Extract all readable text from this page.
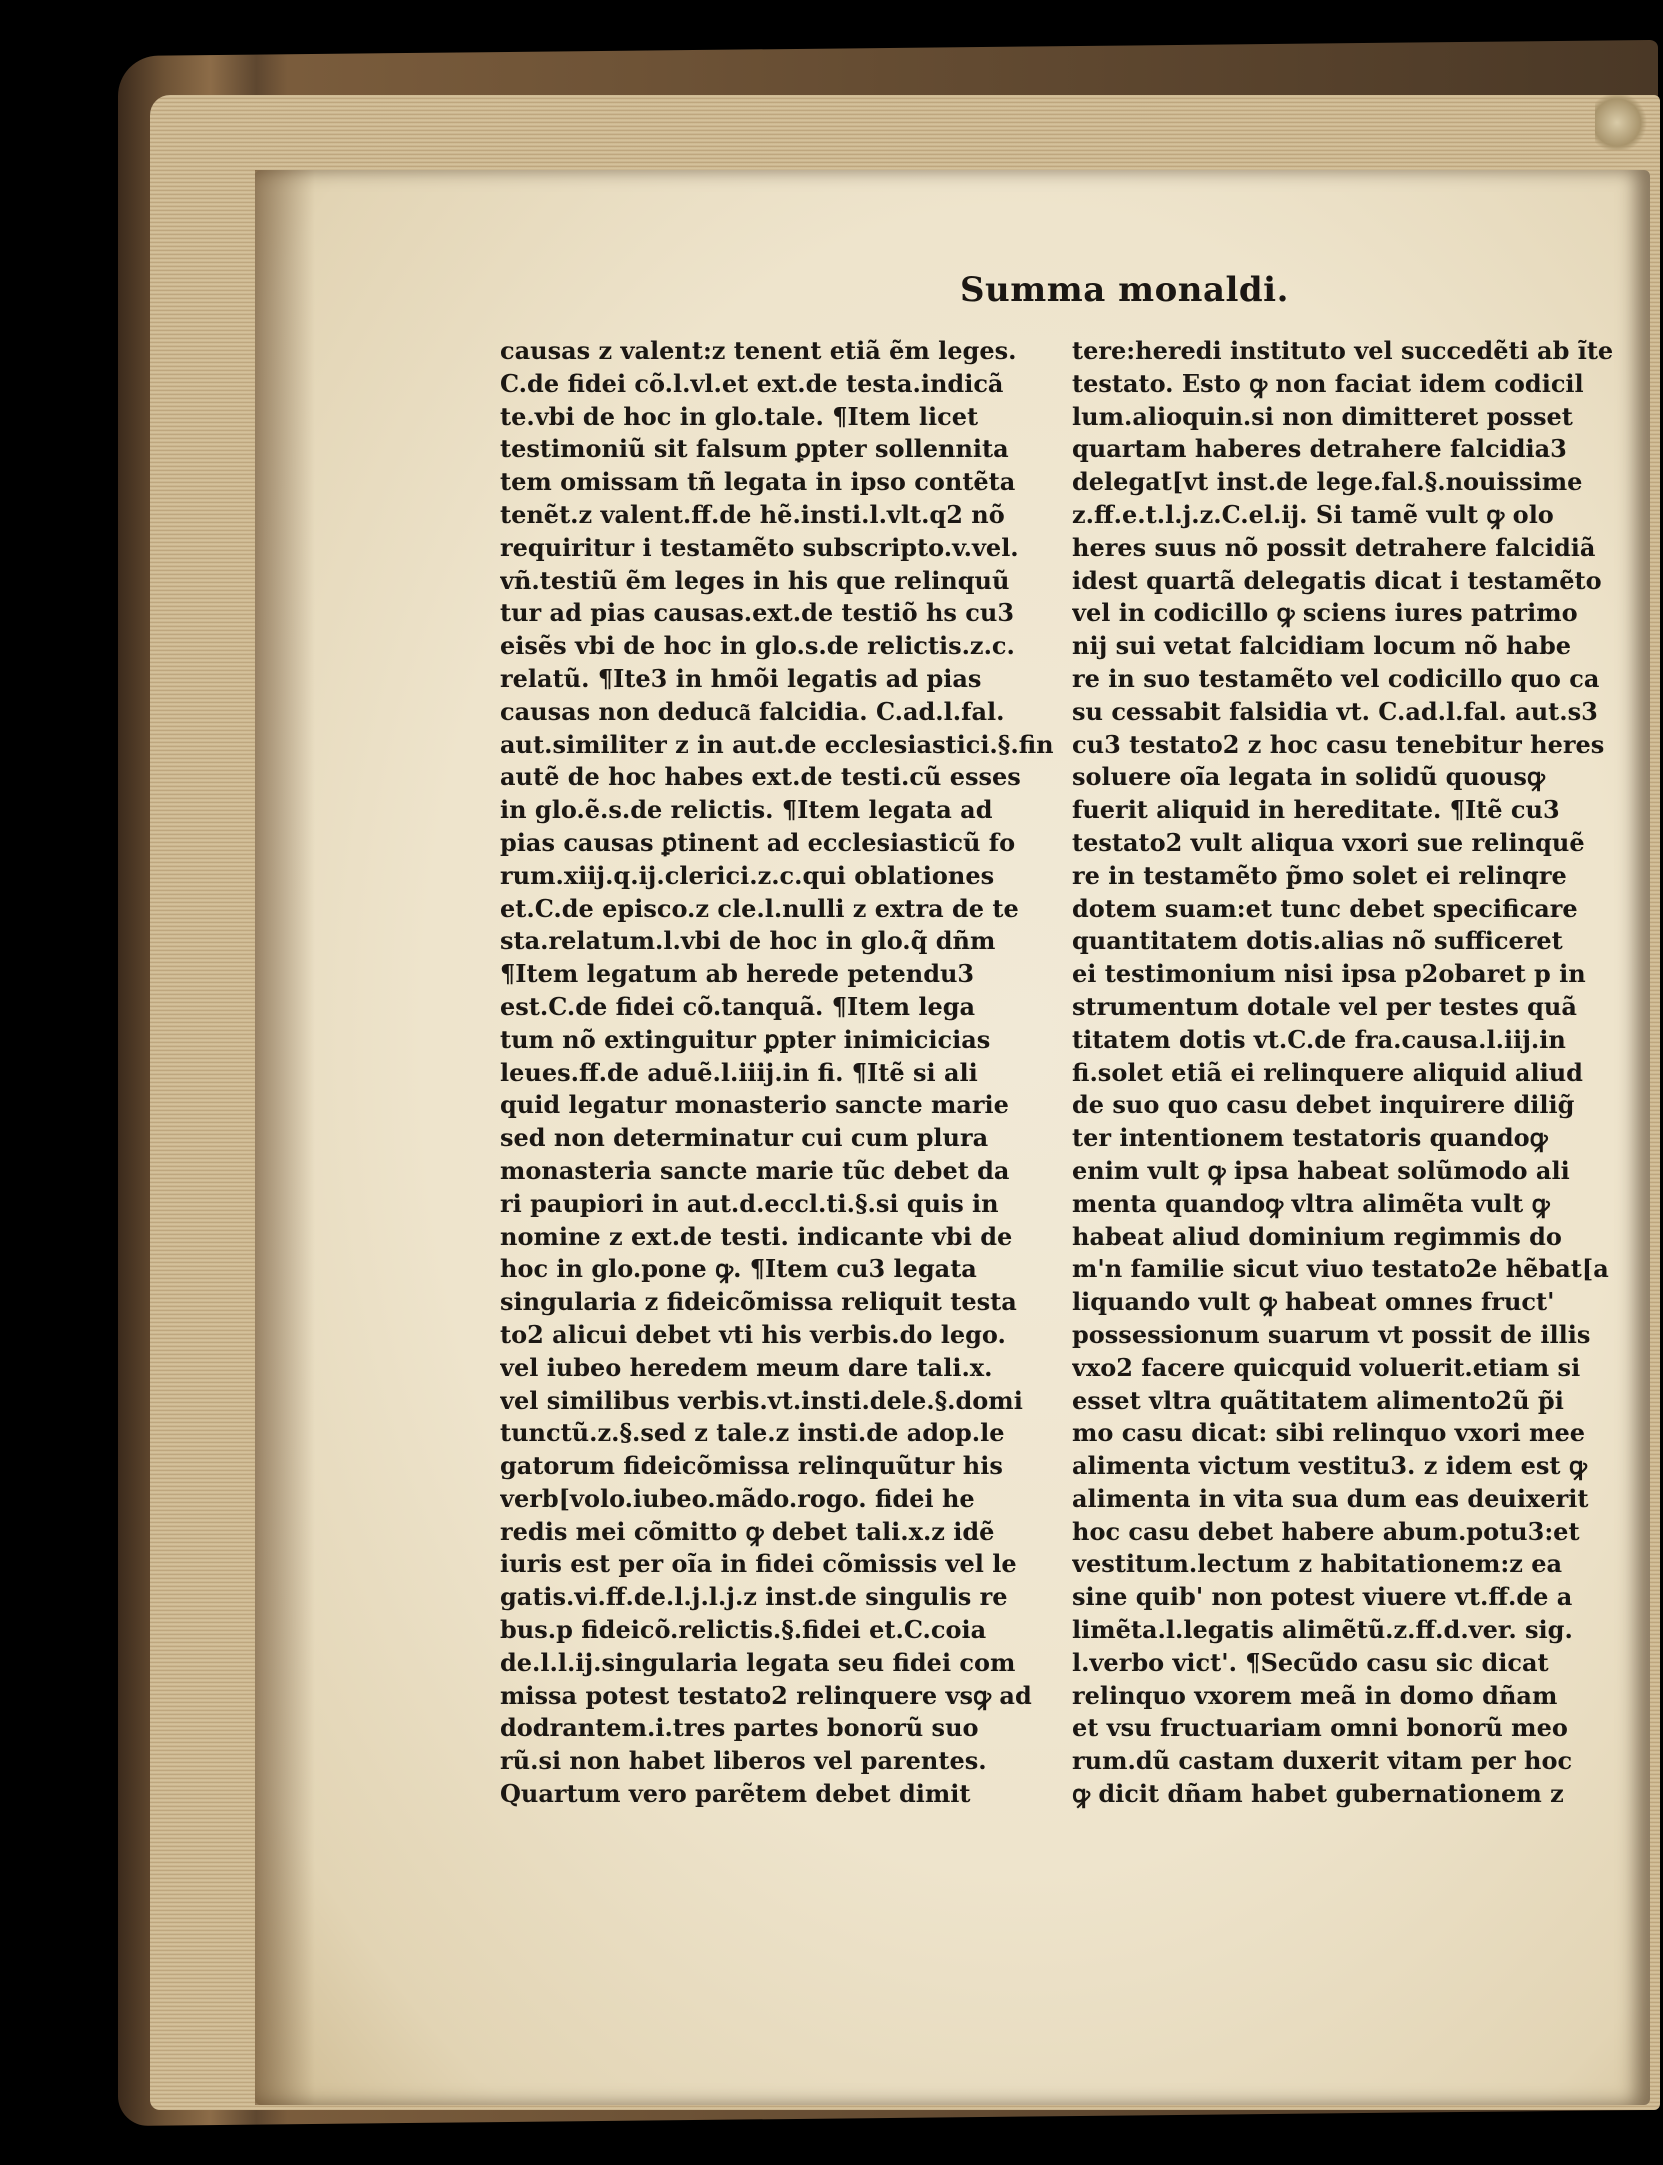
Summa monaldi.
causas z valent:z tenent etiã ẽm leges.
C.de fidei cõ.l.vl.et ext.de testa.indicã
te.vbi de hoc in glo.tale. ¶Item licet
testimoniũ sit falsum ꝑpter sollennita
tem omissam tñ legata in ipso contẽta
tenẽt.z valent.ff.de hẽ.insti.l.vlt.q2 nõ
requiritur i testamẽto subscripto.v.vel.
vñ.testiũ ẽm leges in his que relinquũ
tur ad pias causas.ext.de testiõ hs cu3
eisẽs vbi de hoc in glo.s.de relictis.z.c.
relatũ. ¶Ite3 in hmõi legatis ad pias
causas non deduca͂ falcidia. C.ad.l.fal.
aut.similiter z in aut.de ecclesiastici.§.fin
autẽ de hoc habes ext.de testi.cũ esses
in glo.ẽ.s.de relictis. ¶Item legata ad
pias causas ꝑtinent ad ecclesiasticũ fo
rum.xiij.q.ij.clerici.z.c.qui oblationes
et.C.de episco.z cle.l.nulli z extra de te
sta.relatum.l.vbi de hoc in glo.q̃ dñm
¶Item legatum ab herede petendu3
est.C.de fidei cõ.tanquã. ¶Item lega
tum nõ extinguitur ꝑpter inimicicias
leues.ff.de aduẽ.l.iiij.in fi. ¶Itẽ si ali
quid legatur monasterio sancte marie
sed non determinatur cui cum plura
monasteria sancte marie tũc debet da
ri paupiori in aut.d.eccl.ti.§.si quis in
nomine z ext.de testi. indicante vbi de
hoc in glo.pone ꝙ. ¶Item cu3 legata
singularia z fideicõmissa reliquit testa
to2 alicui debet vti his verbis.do lego.
vel iubeo heredem meum dare tali.x.
vel similibus verbis.vt.insti.dele.§.domi
tunctũ.z.§.sed z tale.z insti.de adop.le
gatorum fideicõmissa relinquũtur his
verb[volo.iubeo.mãdo.rogo. fidei he
redis mei cõmitto ꝙ debet tali.x.z idẽ
iuris est per oĩa in fidei cõmissis vel le
gatis.vi.ff.de.l.j.l.j.z inst.de singulis re
bus.p fideicõ.relictis.§.fidei et.C.coia
de.l.l.ij.singularia legata seu fidei com
missa potest testato2 relinquere vsꝙ ad
dodrantem.i.tres partes bonorũ suo
rũ.si non habet liberos vel parentes.
Quartum vero parẽtem debet dimit
tere:heredi instituto vel succedẽti ab ĩte
testato. Esto ꝙ non faciat idem codicil
lum.alioquin.si non dimitteret posset
quartam haberes detrahere falcidia3
delegat[vt inst.de lege.fal.§.nouissime
z.ff.e.t.l.j.z.C.el.ij. Si tamẽ vult ꝙ olo
heres suus nõ possit detrahere falcidiã
idest quartã delegatis dicat i testamẽto
vel in codicillo ꝙ sciens iures patrimo
nij sui vetat falcidiam locum nõ habe
re in suo testamẽto vel codicillo quo ca
su cessabit falsidia vt. C.ad.l.fal. aut.s3
cu3 testato2 z hoc casu tenebitur heres
soluere oĩa legata in solidũ quousꝙ
fuerit aliquid in hereditate. ¶Itẽ cu3
testato2 vult aliqua vxori sue relinquẽ
re in testamẽto p̃mo solet ei relinqre
dotem suam:et tunc debet specificare
quantitatem dotis.alias nõ sufficeret
ei testimonium nisi ipsa p2obaret p in
strumentum dotale vel per testes quã
titatem dotis vt.C.de fra.causa.l.iij.in
fi.solet etiã ei relinquere aliquid aliud
de suo quo casu debet inquirere dilig̃
ter intentionem testatoris quandoꝙ
enim vult ꝙ ipsa habeat solũmodo ali
menta quandoꝙ vltra alimẽta vult ꝙ
habeat aliud dominium regimmis do
m'n familie sicut viuo testato2e hẽbat[a
liquando vult ꝙ habeat omnes fruct'
possessionum suarum vt possit de illis
vxo2 facere quicquid voluerit.etiam si
esset vltra quãtitatem alimento2ũ p̃i
mo casu dicat: sibi relinquo vxori mee
alimenta victum vestitu3. z idem est ꝙ
alimenta in vita sua dum eas deuixerit
hoc casu debet habere abum.potu3:et
vestitum.lectum z habitationem:z ea
sine quib' non potest viuere vt.ff.de a
limẽta.l.legatis alimẽtũ.z.ff.d.ver. sig.
l.verbo vict'. ¶Secũdo casu sic dicat
relinquo vxorem meã in domo dñam
et vsu fructuariam omni bonorũ meo
rum.dũ castam duxerit vitam per hoc
ꝙ dicit dñam habet gubernationem z
